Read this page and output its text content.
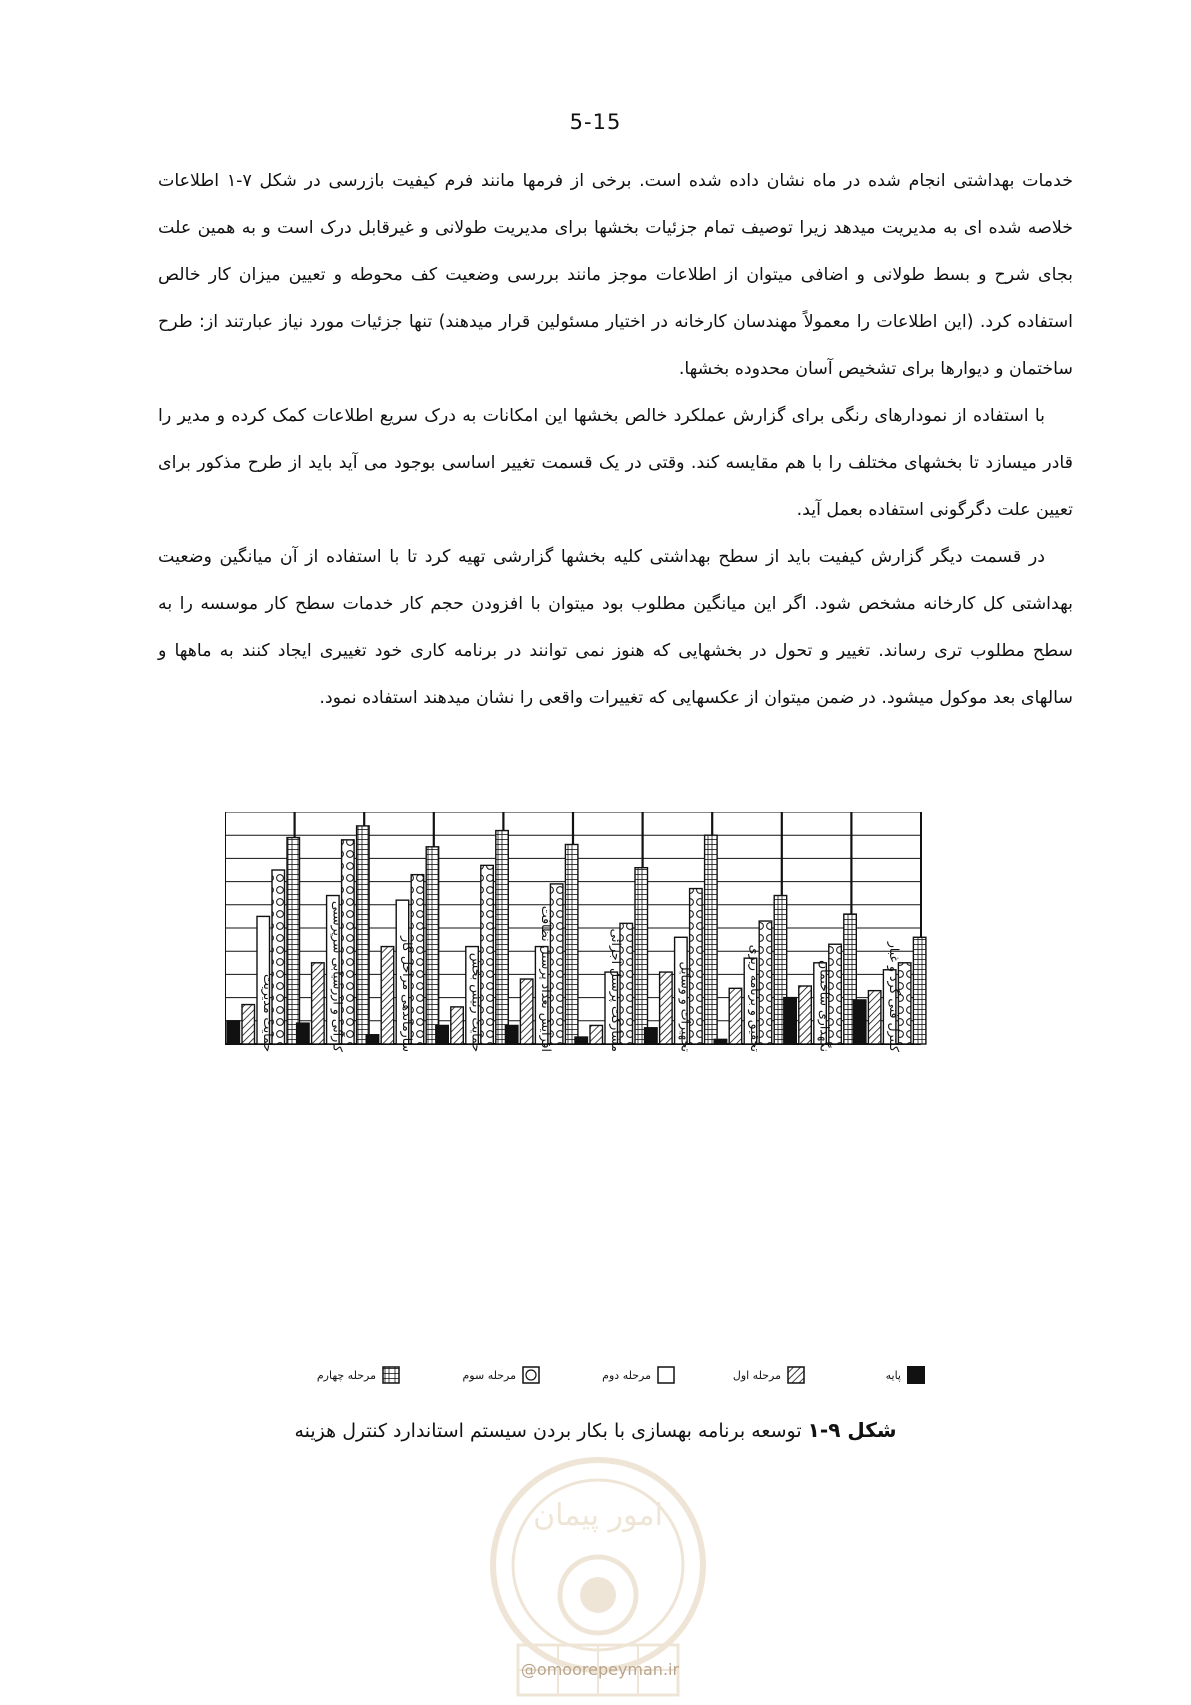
5-15

خدمات بهداشتی انجام شده در ماه نشان داده شده است. برخی از فرمها مانند فرم کیفیت بازرسی در شکل ۷-۱ اطلاعات خلاصه شده ای به مدیریت میدهد زیرا توصیف تمام جزئیات بخشها برای مدیریت طولانی و غیرقابل درک است و به همین علت بجای شرح و بسط طولانی و اضافی میتوان از اطلاعات موجز مانند بررسی وضعیت کف محوطه و تعیین میزان کار خالص استفاده کرد. (این اطلاعات را معمولاً مهندسان کارخانه در اختیار مسئولین قرار میدهند) تنها جزئیات مورد نیاز عبارتند از: طرح ساختمان و دیوارها برای تشخیص آسان محدوده بخشها.

با استفاده از نمودارهای رنگی برای گزارش عملکرد خالص بخشها این امکانات به درک سریع اطلاعات کمک کرده و مدیر را قادر میسازد تا بخشهای مختلف را با هم مقایسه کند. وقتی در یک قسمت تغییر اساسی بوجود می آید باید از طرح مذکور برای تعیین علت دگرگونی استفاده بعمل آید.

در قسمت دیگر گزارش کیفیت باید از سطح بهداشتی کلیه بخشها گزارشی تهیه کرد تا با استفاده از آن میانگین وضعیت بهداشتی کل کارخانه مشخص شود. اگر این میانگین مطلوب بود میتوان با افزودن حجم کار خدمات سطح کار موسسه را به سطح مطلوب تری رساند. تغییر و تحول در بخشهایی که هنوز نمی توانند در برنامه کاری خود تغییری ایجاد کنند به ماهها و سالهای بعد موکول میشود. در ضمن میتوان از عکسهایی که تغییرات واقعی را نشان میدهند استفاده نمود.

حمایت مدیریت	کارآئی و ارزشیابی سرپرستی	سازماندهی مراحل کار	حمایت رئیس بخش	افزایش تعداد پرسنل نظافت	مشارکت پرسنل اجرائی	تجهیزات و وسایل	تحقیق و برنامه ریزی	نگهداری ساختمان	کنترل فنی گرد و غبار
پایه
مرحله اول
مرحله دوم
مرحله سوم
مرحله چهارم
شکل ۹-۱ توسعه برنامه بهسازی با بکار بردن سیستم استاندارد کنترل هزینه
امور پیمان
@omoorepeyman.ir
